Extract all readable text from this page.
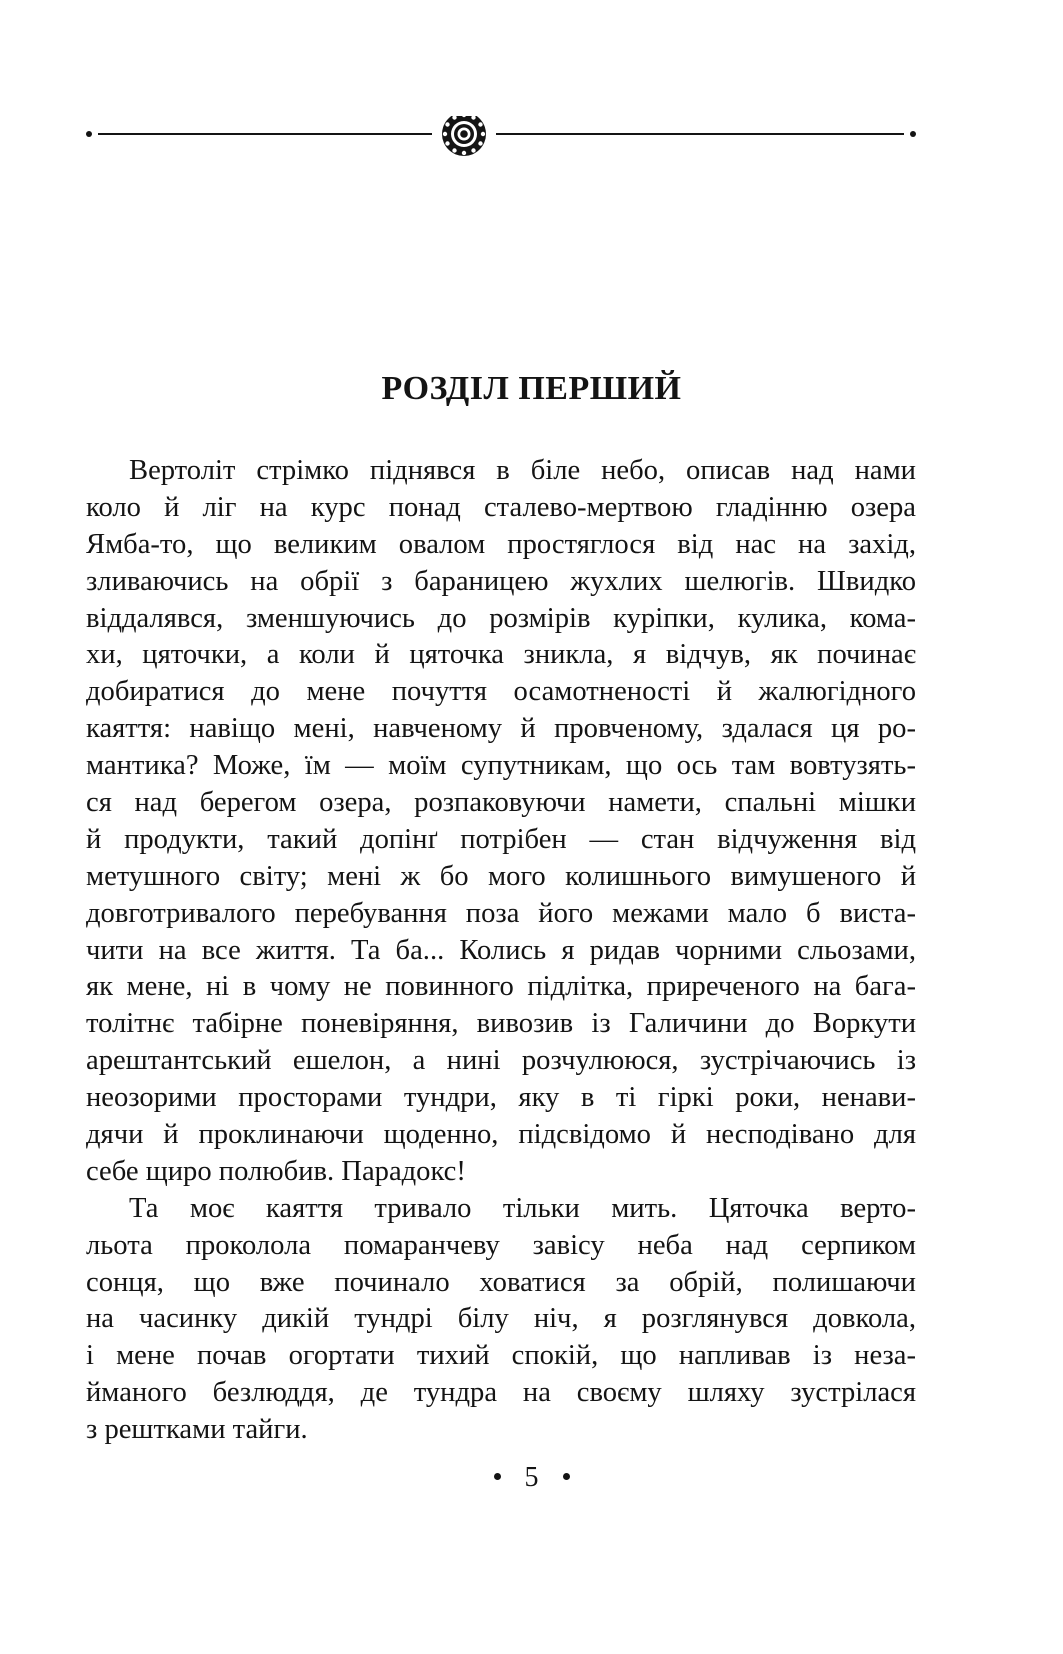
РОЗДІЛ ПЕРШИЙ
Вертоліт стрімко піднявся в біле небо, описав над нами
коло й ліг на курс понад сталево-мертвою гладінню озера
Ямба-то, що великим овалом простяглося від нас на захід,
зливаючись на обрії з бараницею жухлих шелюгів. Швидко
віддалявся, зменшуючись до розмірів куріпки, кулика, кома-
хи, цяточки, а коли й цяточка зникла, я відчув, як починає
добиратися до мене почуття осамотненості й жалюгідного
каяття: навіщо мені, навченому й провченому, здалася ця ро-
мантика? Може, їм — моїм супутникам, що ось там вовтузять-
ся над берегом озера, розпаковуючи намети, спальні мішки
й продукти, такий допінґ потрібен — стан відчуження від
метушного світу; мені ж бо мого колишнього вимушеного й
довготривалого перебування поза його межами мало б виста-
чити на все життя. Та ба... Колись я ридав чорними сльозами,
як мене, ні в чому не повинного підлітка, приреченого на бага-
толітнє табірне поневіряння, вивозив із Галичини до Воркути
арештантський ешелон, а нині розчулююся, зустрічаючись із
неозорими просторами тундри, яку в ті гіркі роки, ненави-
дячи й проклинаючи щоденно, підсвідомо й несподівано для
себе щиро полюбив. Парадокс!
Та моє каяття тривало тільки мить. Цяточка верто-
льота проколола помаранчеву завісу неба над серпиком
сонця, що вже починало ховатися за обрій, полишаючи
на часинку дикій тундрі білу ніч, я розглянувся довкола,
і мене почав огортати тихий спокій, що напливав із неза-
йманого безлюддя, де тундра на своєму шляху зустрілася
з рештками тайги.
5
